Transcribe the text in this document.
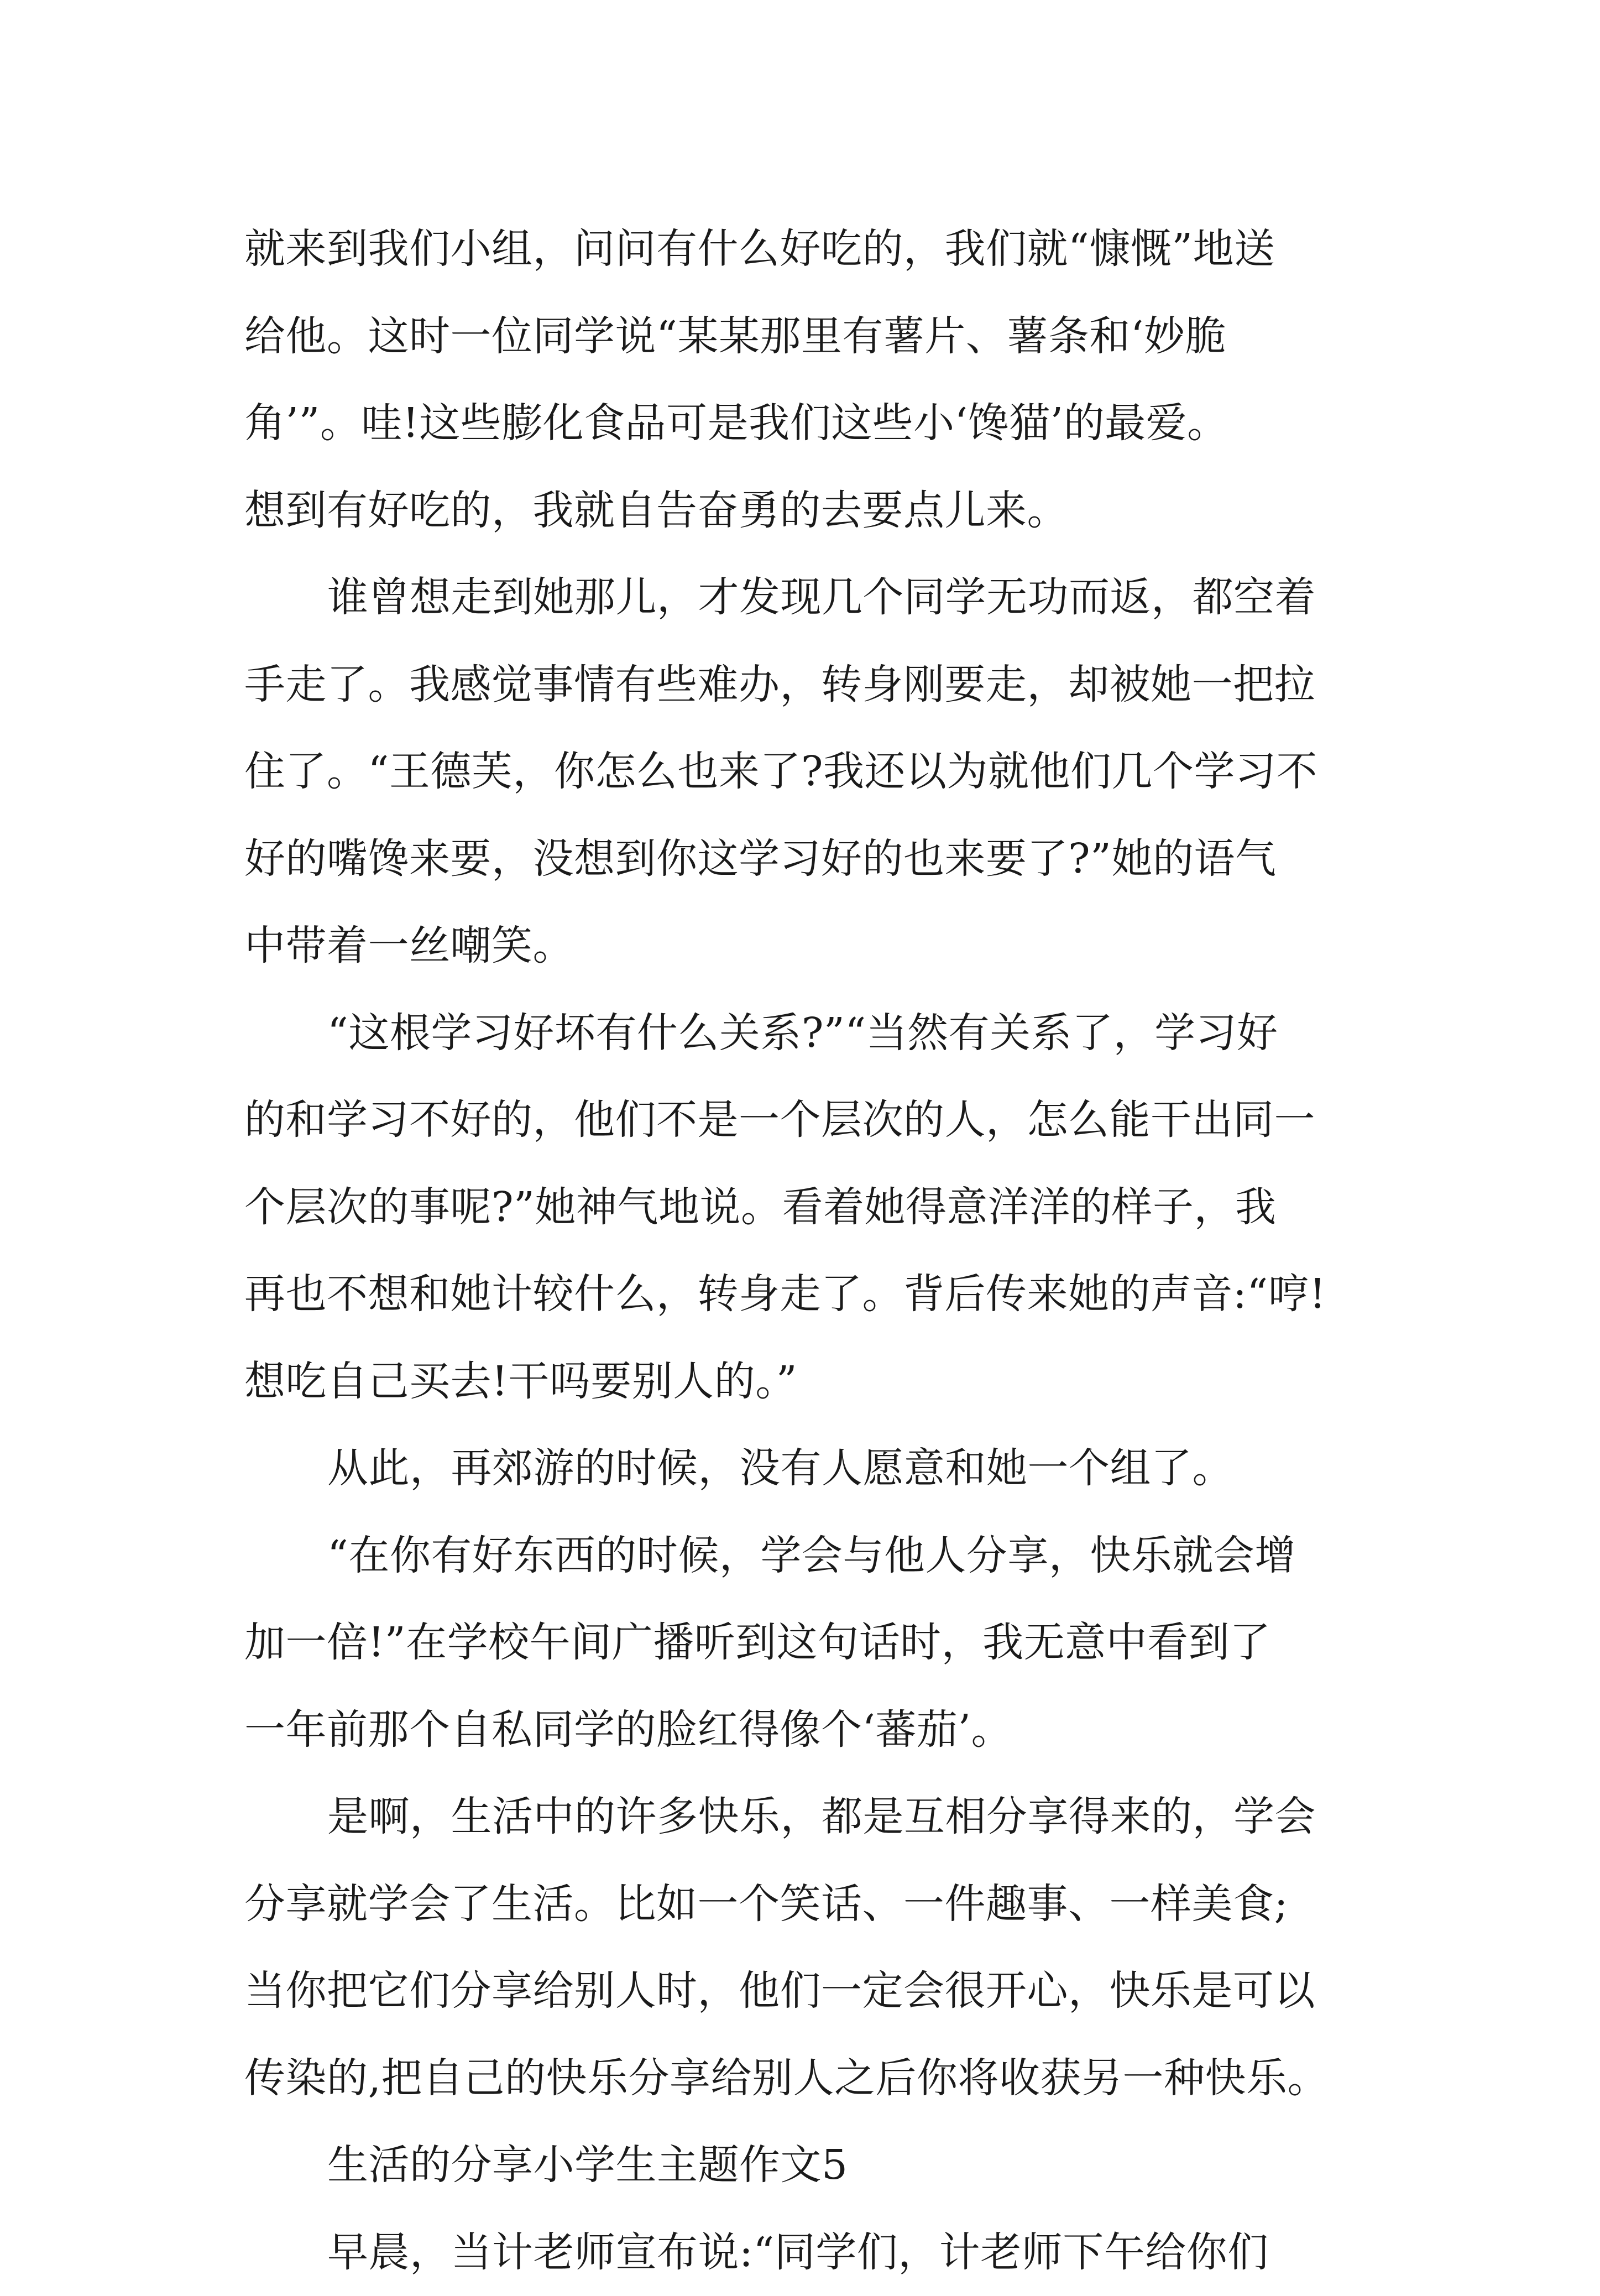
就来到我们小组，问问有什么好吃的，我们就“慷慨”地送
给他。这时一位同学说“某某那里有薯片、薯条和‘妙脆
角’”。哇!这些膨化食品可是我们这些小‘馋猫’的最爱。
想到有好吃的，我就自告奋勇的去要点儿来。
谁曾想走到她那儿，才发现几个同学无功而返，都空着
手走了。我感觉事情有些难办，转身刚要走，却被她一把拉
住了。“王德芙，你怎么也来了?我还以为就他们几个学习不
好的嘴馋来要，没想到你这学习好的也来要了?”她的语气
中带着一丝嘲笑。
“这根学习好坏有什么关系?”“当然有关系了，学习好
的和学习不好的，他们不是一个层次的人，怎么能干出同一
个层次的事呢?”她神气地说。看着她得意洋洋的样子，我
再也不想和她计较什么，转身走了。背后传来她的声音:“哼!
想吃自己买去!干吗要别人的。”
从此，再郊游的时候，没有人愿意和她一个组了。
“在你有好东西的时候，学会与他人分享，快乐就会增
加一倍!”在学校午间广播听到这句话时，我无意中看到了
一年前那个自私同学的脸红得像个‘蕃茄’。
是啊，生活中的许多快乐，都是互相分享得来的，学会
分享就学会了生活。比如一个笑话、一件趣事、一样美食;
当你把它们分享给别人时，他们一定会很开心，快乐是可以
传染的,把自己的快乐分享给别人之后你将收获另一种快乐。
生活的分享小学生主题作文5
早晨，当计老师宣布说:“同学们，计老师下午给你们
